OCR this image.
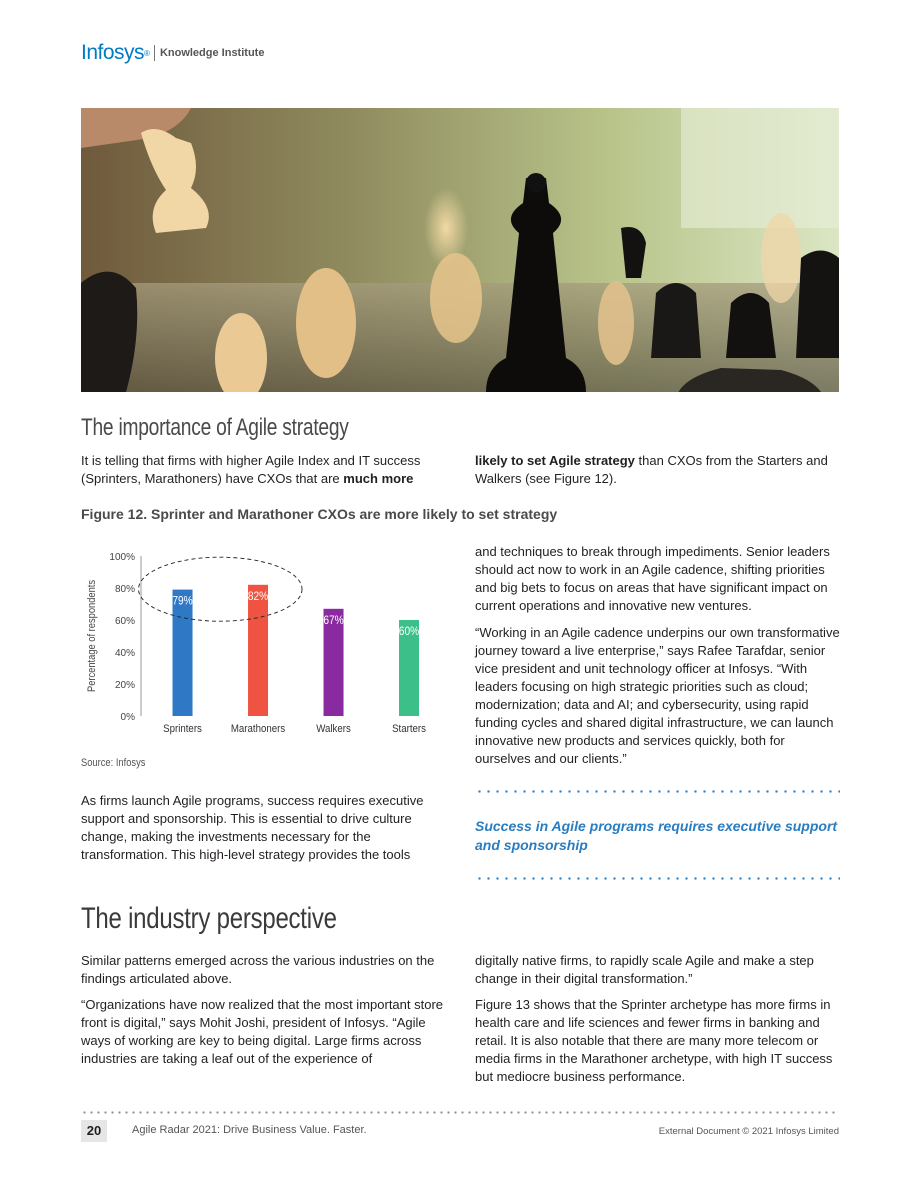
Infosys ® Knowledge Institute
The importance of Agile strategy

It is telling that firms with higher Agile Index and IT success (Sprinters, Marathoners) have CXOs that are much more

likely to set Agile strategy than CXOs from the Starters and Walkers (see Figure 12).

Figure 12. Sprinter and Marathoner CXOs are more likely to set strategy
Percentage of respondents
0%
20%
40%
60%
80%
100%
79%
Sprinters
82%
Marathoners
67%
Walkers
60%
Starters
Source: Infosys

As firms launch Agile programs, success requires executive support and sponsorship. This is essential to drive culture change, making the investments necessary for the transformation. This high-level strategy provides the tools

and techniques to break through impediments. Senior leaders should act now to work in an Agile cadence, shifting priorities and big bets to focus on areas that have significant impact on current operations and innovative new ventures.

“Working in an Agile cadence underpins our own transformative journey toward a live enterprise,” says Rafee Tarafdar, senior vice president and unit technology officer at Infosys. “With leaders focusing on high strategic priorities such as cloud; modernization; data and AI; and cybersecurity, using rapid funding cycles and shared digital infrastructure, we can launch innovative new products and services quickly, both for ourselves and our clients.”

Success in Agile programs requires executive support and sponsorship

The industry perspective

Similar patterns emerged across the various industries on the findings articulated above.

“Organizations have now realized that the most important store front is digital,” says Mohit Joshi, president of Infosys. “Agile ways of working are key to being digital. Large firms across industries are taking a leaf out of the experience of

digitally native firms, to rapidly scale Agile and make a step change in their digital transformation.”

Figure 13 shows that the Sprinter archetype has more firms in health care and life sciences and fewer firms in banking and retail. It is also notable that there are many more telecom or media firms in the Marathoner archetype, with high IT success but mediocre business performance.

20	Agile Radar 2021: Drive Business Value. Faster.	External Document © 2021 Infosys Limited
